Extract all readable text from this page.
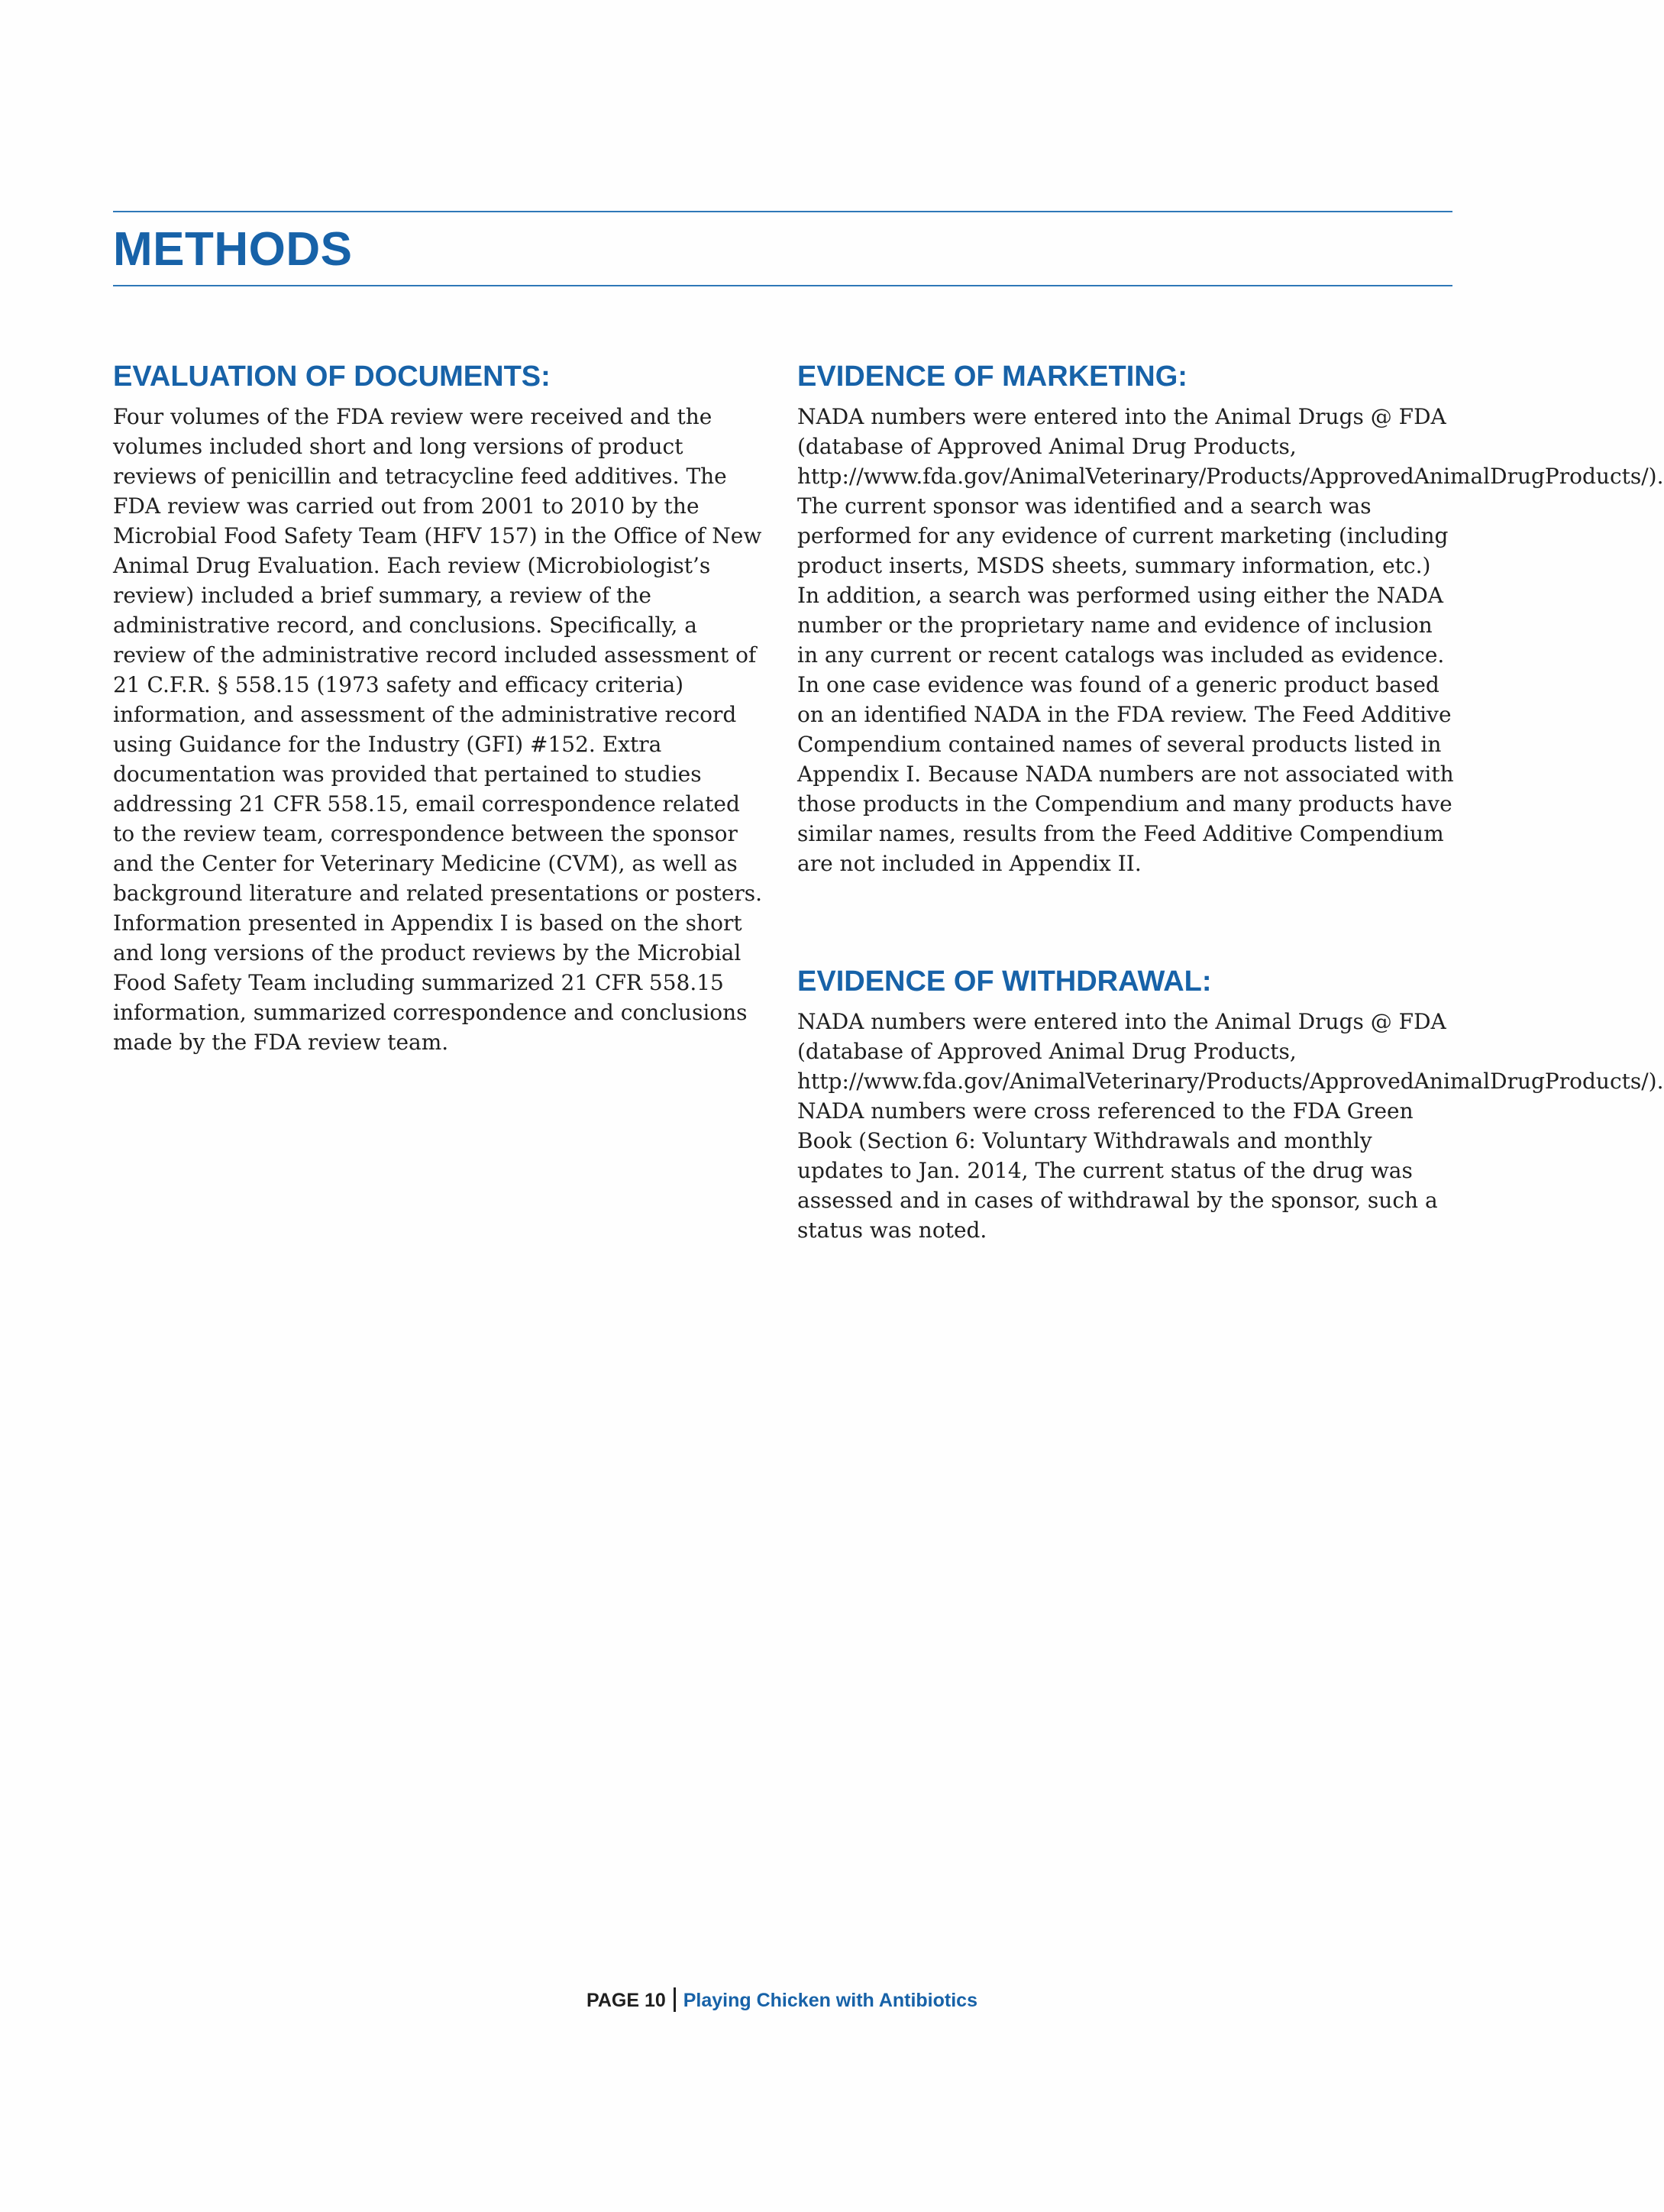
METHODS
EVALUATION OF DOCUMENTS:

Four volumes of the FDA review were received and the volumes included short and long versions of product reviews of penicillin and tetracycline feed additives. The FDA review was carried out from 2001 to 2010 by the Microbial Food Safety Team (HFV 157) in the Office of New Animal Drug Evaluation. Each review (Microbiologist’s review) included a brief summary, a review of the administrative record, and conclusions. Specifically, a review of the administrative record included assessment of 21 C.F.R. § 558.15 (1973 safety and efficacy criteria) information, and assessment of the administrative record using Guidance for the Industry (GFI) #152. Extra documentation was provided that pertained to studies addressing 21 CFR 558.15, email correspondence related to the review team, correspondence between the sponsor and the Center for Veterinary Medicine (CVM), as well as background literature and related presentations or posters. Information presented in Appendix I is based on the short and long versions of the product reviews by the Microbial Food Safety Team including summarized 21 CFR 558.15 information, summarized correspondence and conclusions made by the FDA review team.

EVIDENCE OF MARKETING:

NADA numbers were entered into the Animal Drugs @ FDA (database of Approved Animal Drug Products, http://www.fda.gov/AnimalVeterinary/Products/ApprovedAnimalDrugProducts/). The current sponsor was identified and a search was performed for any evidence of current marketing (including product inserts, MSDS sheets, summary information, etc.) In addition, a search was performed using either the NADA number or the proprietary name and evidence of inclusion in any current or recent catalogs was included as evidence. In one case evidence was found of a generic product based on an identified NADA in the FDA review. The Feed Additive Compendium contained names of several products listed in Appendix I. Because NADA numbers are not associated with those products in the Compendium and many products have similar names, results from the Feed Additive Compendium are not included in Appendix II.

EVIDENCE OF WITHDRAWAL:

NADA numbers were entered into the Animal Drugs @ FDA (database of Approved Animal Drug Products, http://www.fda.gov/AnimalVeterinary/Products/ApprovedAnimalDrugProducts/). NADA numbers were cross referenced to the FDA Green Book (Section 6: Voluntary Withdrawals and monthly updates to Jan. 2014, The current status of the drug was assessed and in cases of withdrawal by the sponsor, such a status was noted.

PAGE 10 Playing Chicken with Antibiotics
